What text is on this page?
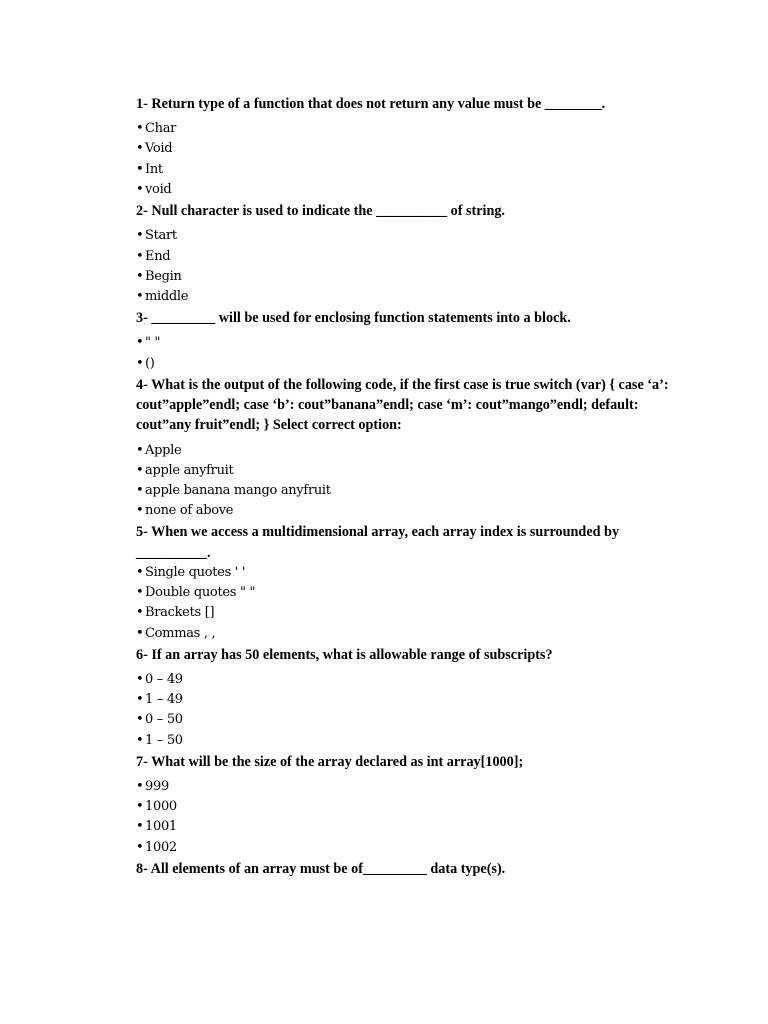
1- Return type of a function that does not return any value must be ________.

• Char
• Void
• Int
• void

2- Null character is used to indicate the __________ of string.

• Start
• End
• Begin
• middle

3- _________ will be used for enclosing function statements into a block.

• " "
• ()

4- What is the output of the following code, if the first case is true switch (var) { case ‘a’: cout”apple”endl; case ‘b’: cout”banana”endl; case ‘m’: cout”mango”endl; default: cout”any fruit”endl; } Select correct option:

• Apple
• apple anyfruit
• apple banana mango anyfruit
• none of above

5- When we access a multidimensional array, each array index is surrounded by __________.

• Single quotes ' '
• Double quotes " "
• Brackets []
• Commas , ,

6- If an array has 50 elements, what is allowable range of subscripts?

• 0 – 49
• 1 – 49
• 0 – 50
• 1 – 50

7- What will be the size of the array declared as int array[1000];

• 999
• 1000
• 1001
• 1002

8- All elements of an array must be of_________ data type(s).
